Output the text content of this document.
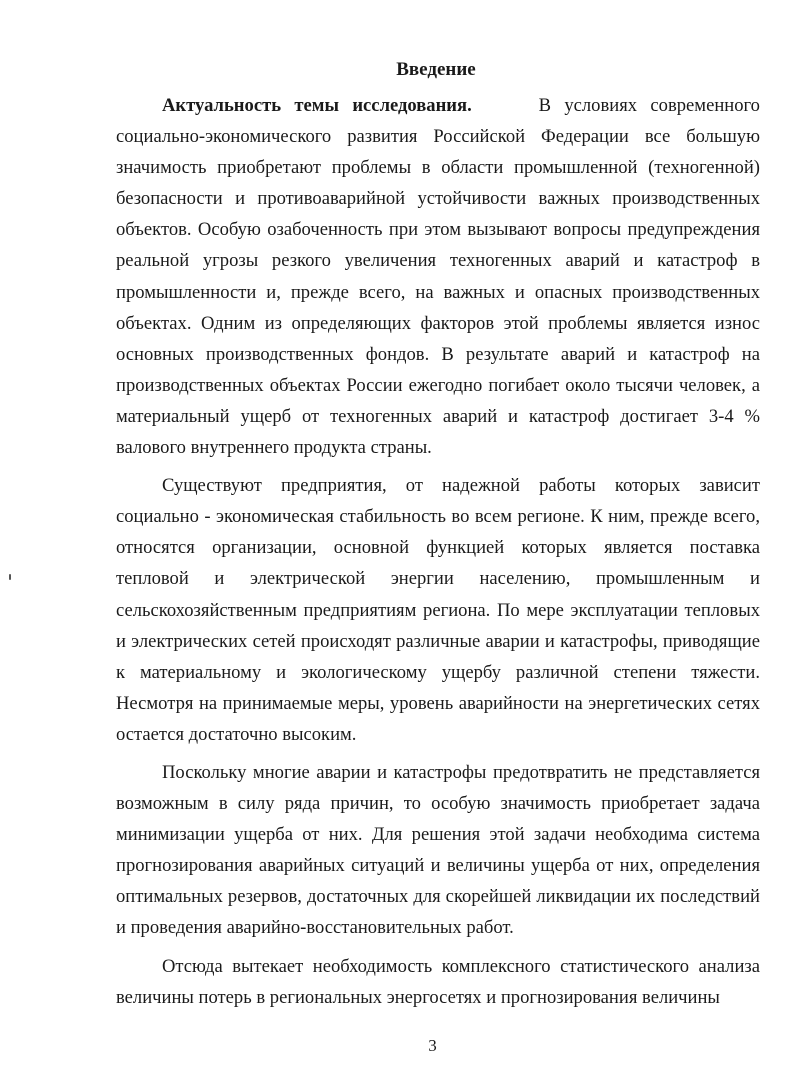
Введение

Актуальность темы исследования.	В условиях современного социально-экономического развития Российской Федерации все большую значимость приобретают проблемы в области промышленной (техногенной) безопасности и противоаварийной устойчивости важных производственных объектов. Особую озабоченность при этом вызывают вопросы предупреждения реальной угрозы резкого увеличения техногенных аварий и катастроф в промышленности и, прежде всего, на важных и опасных производственных объектах. Одним из определяющих факторов этой проблемы является износ основных производственных фондов. В результате аварий и катастроф на производственных объектах России ежегодно погибает около тысячи человек, а материальный ущерб от техногенных аварий и катастроф достигает 3-4 % валового внутреннего продукта страны.

Существуют предприятия, от надежной работы которых зависит социально - экономическая стабильность во всем регионе. К ним, прежде всего, относятся организации, основной функцией которых является поставка тепловой и электрической энергии населению, промышленным и сельскохозяйственным предприятиям региона. По мере эксплуатации тепловых и электрических сетей происходят различные аварии и катастрофы, приводящие к материальному и экологическому ущербу различной степени тяжести. Несмотря на принимаемые меры, уровень аварийности на энергетических сетях остается достаточно высоким.

Поскольку многие аварии и катастрофы предотвратить не представляется возможным в силу ряда причин, то особую значимость приобретает задача минимизации ущерба от них. Для решения этой задачи необходима система прогнозирования аварийных ситуаций и величины ущерба от них, определения оптимальных резервов, достаточных для скорейшей ликвидации их последствий и проведения аварийно-восстановительных работ.

Отсюда вытекает необходимость комплексного статистического анализа величины потерь в региональных энергосетях и прогнозирования величины

3
